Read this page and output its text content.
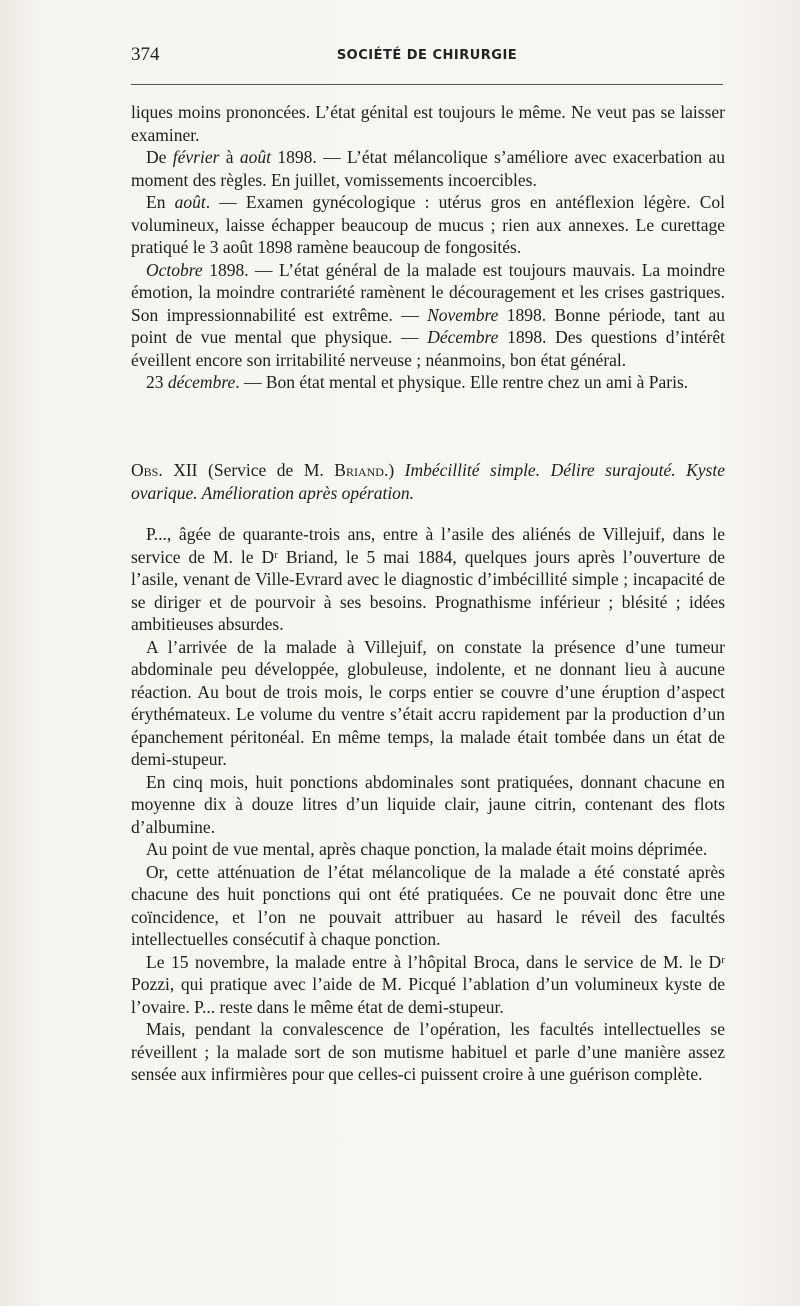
374	SOCIÉTÉ DE CHIRURGIE

liques moins prononcées. L’état génital est toujours le même. Ne veut pas se laisser examiner.

De février à août 1898. — L’état mélancolique s’améliore avec exacerbation au moment des règles. En juillet, vomissements incoercibles.

En août. — Examen gynécologique : utérus gros en antéflexion légère. Col volumineux, laisse échapper beaucoup de mucus ; rien aux annexes. Le curettage pratiqué le 3 août 1898 ramène beaucoup de fongosités.

Octobre 1898. — L’état général de la malade est toujours mauvais. La moindre émotion, la moindre contrariété ramènent le découragement et les crises gastriques. Son impressionnabilité est extrême. — Novembre 1898. Bonne période, tant au point de vue mental que physique. — Décembre 1898. Des questions d’intérêt éveillent encore son irritabilité nerveuse ; néanmoins, bon état général.

23 décembre. — Bon état mental et physique. Elle rentre chez un ami à Paris.

Obs. XII (Service de M. Briand.) Imbécillité simple. Délire surajouté. Kyste ovarique. Amélioration après opération.

P..., âgée de quarante-trois ans, entre à l’asile des aliénés de Villejuif, dans le service de M. le Dʳ Briand, le 5 mai 1884, quelques jours après l’ouverture de l’asile, venant de Ville-Evrard avec le diagnostic d’imbécillité simple ; incapacité de se diriger et de pourvoir à ses besoins. Prognathisme inférieur ; blésité ; idées ambitieuses absurdes.

A l’arrivée de la malade à Villejuif, on constate la présence d’une tumeur abdominale peu développée, globuleuse, indolente, et ne donnant lieu à aucune réaction. Au bout de trois mois, le corps entier se couvre d’une éruption d’aspect érythémateux. Le volume du ventre s’était accru rapidement par la production d’un épanchement péritonéal. En même temps, la malade était tombée dans un état de demi-stupeur.

En cinq mois, huit ponctions abdominales sont pratiquées, donnant chacune en moyenne dix à douze litres d’un liquide clair, jaune citrin, contenant des flots d’albumine.

Au point de vue mental, après chaque ponction, la malade était moins déprimée.

Or, cette atténuation de l’état mélancolique de la malade a été constaté après chacune des huit ponctions qui ont été pratiquées. Ce ne pouvait donc être une coïncidence, et l’on ne pouvait attribuer au hasard le réveil des facultés intellectuelles consécutif à chaque ponction.

Le 15 novembre, la malade entre à l’hôpital Broca, dans le service de M. le Dʳ Pozzi, qui pratique avec l’aide de M. Picqué l’ablation d’un volumineux kyste de l’ovaire. P... reste dans le même état de demi-stupeur.

Mais, pendant la convalescence de l’opération, les facultés intellectuelles se réveillent ; la malade sort de son mutisme habituel et parle d’une manière assez sensée aux infirmières pour que celles-ci puissent croire à une guérison complète.
